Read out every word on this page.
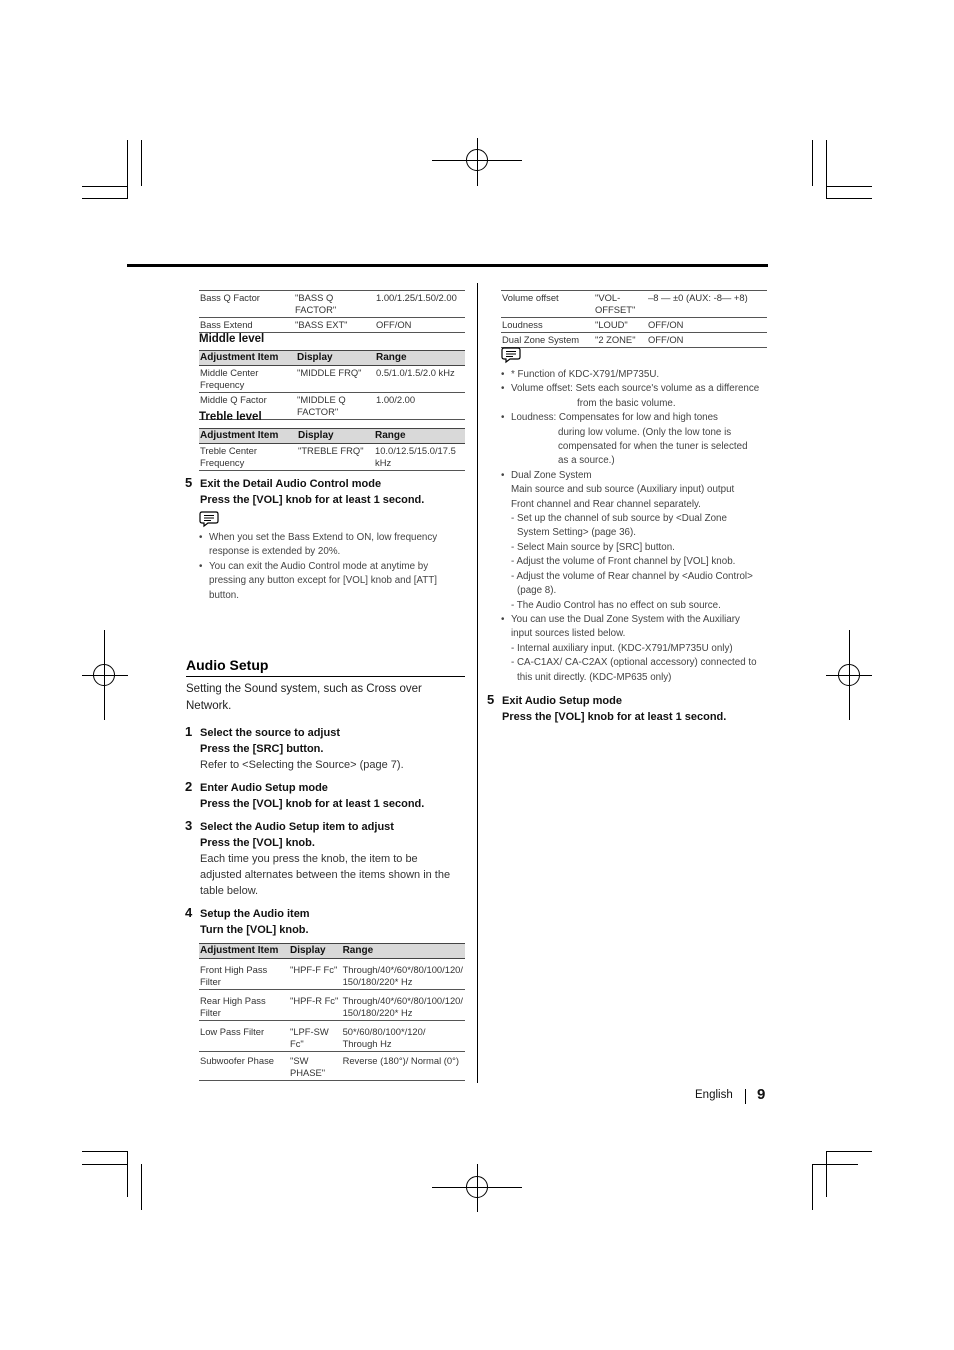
Bass Q Factor	"BASS Q FACTOR"	1.00/1.25/1.50/2.00
Bass Extend	"BASS EXT"	OFF/ON
Middle level
Adjustment Item	Display	Range
Middle Center Frequency	"MIDDLE FRQ"	0.5/1.0/1.5/2.0 kHz
Middle Q Factor	"MIDDLE Q FACTOR"	1.00/2.00
Treble level
Adjustment Item	Display	Range
Treble Center Frequency	"TREBLE FRQ"	10.0/12.5/15.0/17.5 kHz
5 Exit the Detail Audio Control mode
Press the [VOL] knob for at least 1 second.
• When you set the Bass Extend to ON, low frequency response is extended by 20%.
• You can exit the Audio Control mode at anytime by pressing any button except for [VOL] knob and [ATT] button.
Audio Setup
Setting the Sound system, such as Cross over Network.
1 Select the source to adjust
Press the [SRC] button.
Refer to <Selecting the Source> (page 7).
2 Enter Audio Setup mode
Press the [VOL] knob for at least 1 second.
3 Select the Audio Setup item to adjust
Press the [VOL] knob.
Each time you press the knob, the item to be adjusted alternates between the items shown in the table below.
4 Setup the Audio item
Turn the [VOL] knob.
Adjustment Item	Display	Range
Front High Pass Filter	"HPF-F Fc"	Through/40*/60*/80/100/120/
150/180/220* Hz

Rear High Pass Filter	"HPF-R Fc"	Through/40*/60*/80/100/120/
150/180/220* Hz

Low Pass Filter	"LPF-SW Fc"	50*/60/80/100*/120/
Through Hz

Subwoofer Phase	"SW PHASE"	Reverse (180°)/ Normal (0°)
Volume offset	"VOL-OFFSET"	–8 — ±0 (AUX: -8— +8)
Loudness	"LOUD"	OFF/ON
Dual Zone System	"2 ZONE"	OFF/ON
• * Function of KDC-X791/MP735U.
• Volume offset: Sets each source's volume as a difference
from the basic volume.
• Loudness: Compensates for low and high tones
during low volume. (Only the low tone is
compensated for when the tuner is selected
as a source.)
• Dual Zone System
Main source and sub source (Auxiliary input) output
Front channel and Rear channel separately.
- Set up the channel of sub source by <Dual Zone
System Setting> (page 36).
- Select Main source by [SRC] button.
- Adjust the volume of Front channel by [VOL] knob.
- Adjust the volume of Rear channel by <Audio Control>
(page 8).
- The Audio Control has no effect on sub source.
• You can use the Dual Zone System with the Auxiliary
input sources listed below.
- Internal auxiliary input. (KDC-X791/MP735U only)
- CA-C1AX/ CA-C2AX (optional accessory) connected to
this unit directly. (KDC-MP635 only)
5 Exit Audio Setup mode
Press the [VOL] knob for at least 1 second.
English 9
